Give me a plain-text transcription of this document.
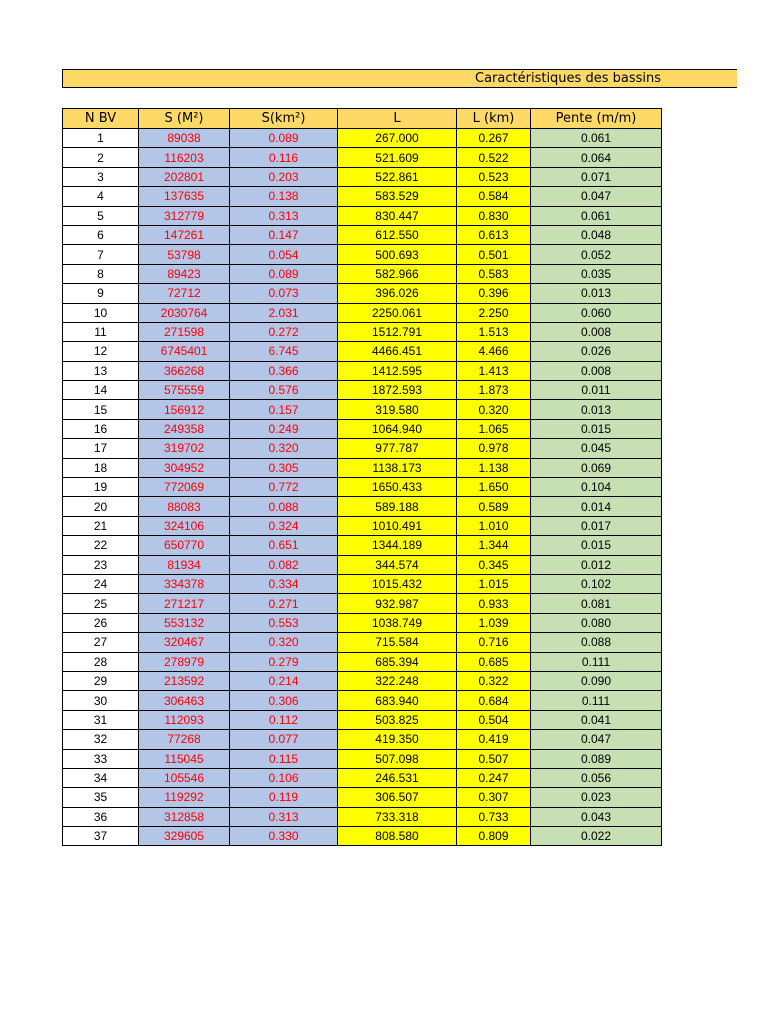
Caractéristiques des bassins
N BV	S (M²)	S(km²)	L	L (km)	Pente (m/m)
1	89038	0.089	267.000	0.267	0.061
2	116203	0.116	521.609	0.522	0.064
3	202801	0.203	522.861	0.523	0.071
4	137635	0.138	583.529	0.584	0.047
5	312779	0.313	830.447	0.830	0.061
6	147261	0.147	612.550	0.613	0.048
7	53798	0.054	500.693	0.501	0.052
8	89423	0.089	582.966	0.583	0.035
9	72712	0.073	396.026	0.396	0.013
10	2030764	2.031	2250.061	2.250	0.060
11	271598	0.272	1512.791	1.513	0.008
12	6745401	6.745	4466.451	4.466	0.026
13	366268	0.366	1412.595	1.413	0.008
14	575559	0.576	1872.593	1.873	0.011
15	156912	0.157	319.580	0.320	0.013
16	249358	0.249	1064.940	1.065	0.015
17	319702	0.320	977.787	0.978	0.045
18	304952	0.305	1138.173	1.138	0.069
19	772069	0.772	1650.433	1.650	0.104
20	88083	0.088	589.188	0.589	0.014
21	324106	0.324	1010.491	1.010	0.017
22	650770	0.651	1344.189	1.344	0.015
23	81934	0.082	344.574	0.345	0.012
24	334378	0.334	1015.432	1.015	0.102
25	271217	0.271	932.987	0.933	0.081
26	553132	0.553	1038.749	1.039	0.080
27	320467	0.320	715.584	0.716	0.088
28	278979	0.279	685.394	0.685	0.111
29	213592	0.214	322.248	0.322	0.090
30	306463	0.306	683.940	0.684	0.111
31	112093	0.112	503.825	0.504	0.041
32	77268	0.077	419.350	0.419	0.047
33	115045	0.115	507.098	0.507	0.089
34	105546	0.106	246.531	0.247	0.056
35	119292	0.119	306.507	0.307	0.023
36	312858	0.313	733.318	0.733	0.043
37	329605	0.330	808.580	0.809	0.022
